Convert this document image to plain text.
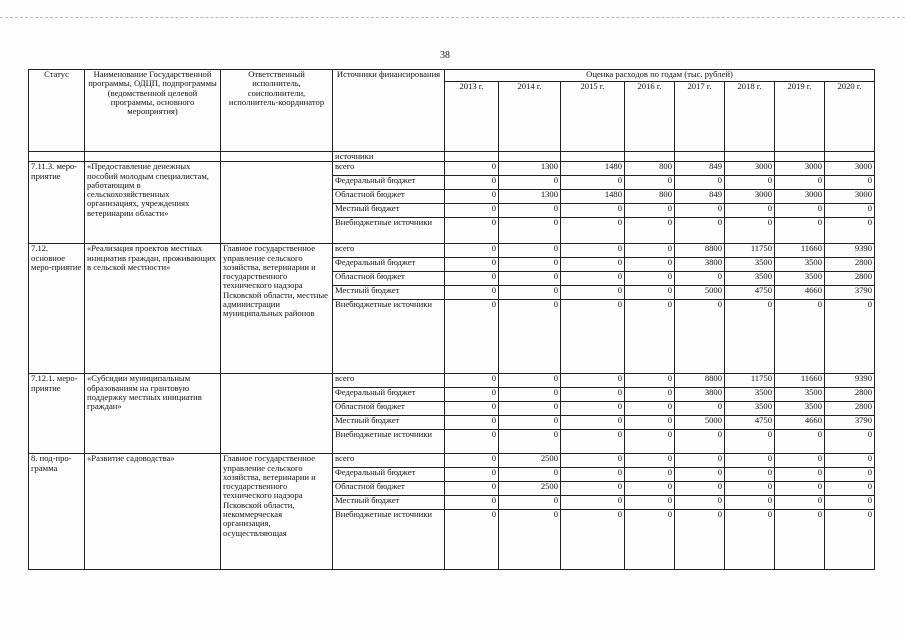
38
Статус	Наименование Государственной программы, ОДЦП, подпрограммы (ведомственной целевой программы, основного мероприятия)	Ответственный исполнитель, соисполнители, исполнитель-координатор	Источники финансирования	Оценка расходов по годам (тыс. рублей)							
				2013 г.	2014 г.	2015 г.	2016 г.	2017 г.	2018 г.	2019 г.	2020 г.
			источники								
7.11.3. меро-приятие	«Предоставление денежных пособий молодым специалистам, работающим в сельскохозяйственных организациях, учреждениях ветеринарии области»		всего	0	1300	1480	800	849	3000	3000	3000
			Федеральный бюджет	0	0	0	0	0	0	0	0
			Областной бюджет	0	1300	1480	800	849	3000	3000	3000
			Местный бюджет	0	0	0	0	0	0	0	0
			Внебюджетные источники	0	0	0	0	0	0	0	0
7.12. основное меро-приятие	«Реализация проектов местных инициатив граждан, проживающих в сельской местности»	Главное государственное управление сельского хозяйства, ветеринарии и государственного технического надзора Псковской области, местные администрации муниципальных районов	всего	0	0	0	0	8800	11750	11660	9390
			Федеральный бюджет	0	0	0	0	3800	3500	3500	2800
			Областной бюджет	0	0	0	0	0	3500	3500	2800
			Местный бюджет	0	0	0	0	5000	4750	4660	3790
			Внебюджетные источники	0	0	0	0	0	0	0	0
7.12.1. меро-приятие	«Субсидии муниципальным образованиям на грантовую поддержку местных инициатив граждан»		всего	0	0	0	0	8800	11750	11660	9390
			Федеральный бюджет	0	0	0	0	3800	3500	3500	2800
			Областной бюджет	0	0	0	0	0	3500	3500	2800
			Местный бюджет	0	0	0	0	5000	4750	4660	3790
			Внебюджетные источники	0	0	0	0	0	0	0	0
8. под-про-грамма	«Развитие садоводства»	Главное государственное управление сельского хозяйства, ветеринарии и государственного технического надзора Псковской области, некоммерческая организация, осуществляющая	всего	0	2500	0	0	0	0	0	0
			Федеральный бюджет	0	0	0	0	0	0	0	0
			Областной бюджет	0	2500	0	0	0	0	0	0
			Местный бюджет	0	0	0	0	0	0	0	0
			Внебюджетные источники	0	0	0	0	0	0	0	0
